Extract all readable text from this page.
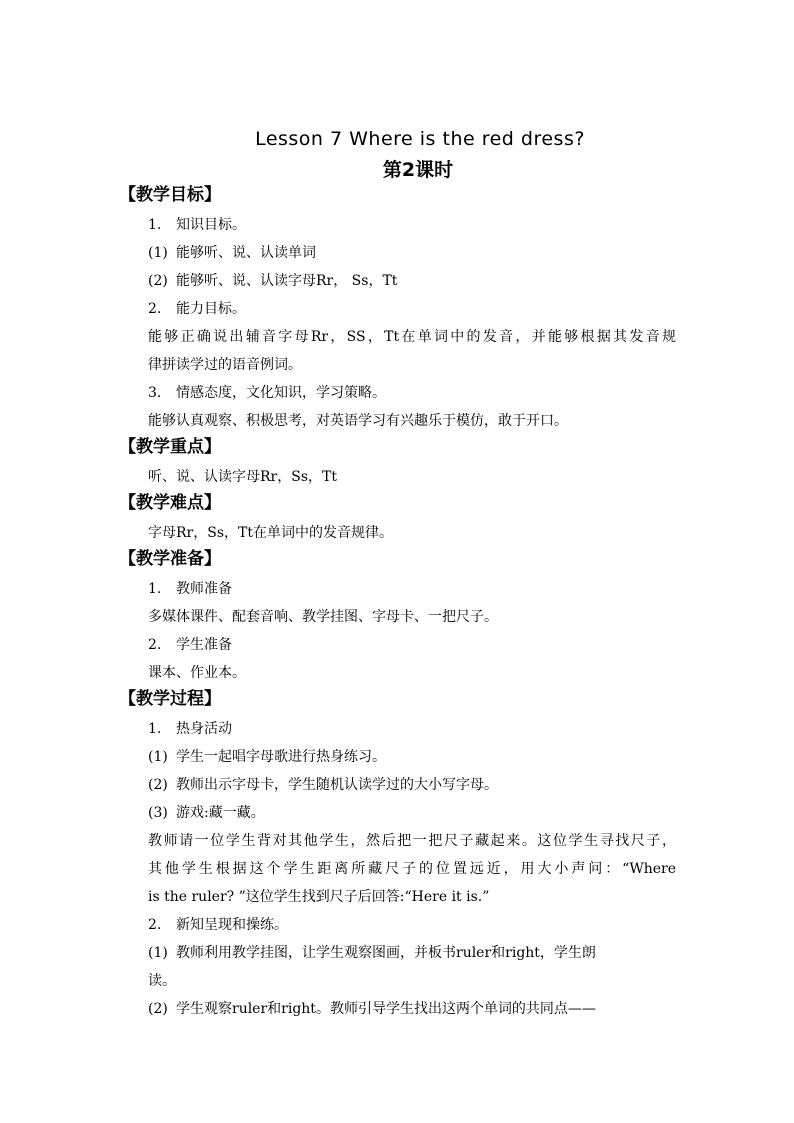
Lesson 7 Where is the red dress?
第2课时
【教学目标】
1. 知识目标。
(1) 能够听、说、认读单词
(2) 能够听、说、认读字母Rr， Ss，Tt
2. 能力目标。
能够正确说出辅音字母Rr，SS，Tt在单词中的发音，并能够根据其发音规
律拼读学过的语音例词。
3. 情感态度，文化知识，学习策略。
能够认真观察、积极思考，对英语学习有兴趣乐于模仿，敢于开口。
【教学重点】
听、说、认读字母Rr，Ss，Tt
【教学难点】
字母Rr，Ss，Tt在单词中的发音规律。
【教学准备】
1. 教师准备
多媒体课件、配套音响、教学挂图、字母卡、一把尺子。
2. 学生准备
课本、作业本。
【教学过程】
1. 热身活动
(1) 学生一起唱字母歌进行热身练习。
(2) 教师出示字母卡，学生随机认读学过的大小写字母。
(3) 游戏:藏一藏。
教师请一位学生背对其他学生，然后把一把尺子藏起来。这位学生寻找尺子，
其他学生根据这个学生距离所藏尺子的位置远近，用大小声问：“Where
is the ruler? ”这位学生找到尺子后回答:“Here it is.”
2. 新知呈现和操练。
(1) 教师利用教学挂图，让学生观察图画，并板书ruler和right，学生朗
读。
(2) 学生观察ruler和right。教师引导学生找出这两个单词的共同点——
